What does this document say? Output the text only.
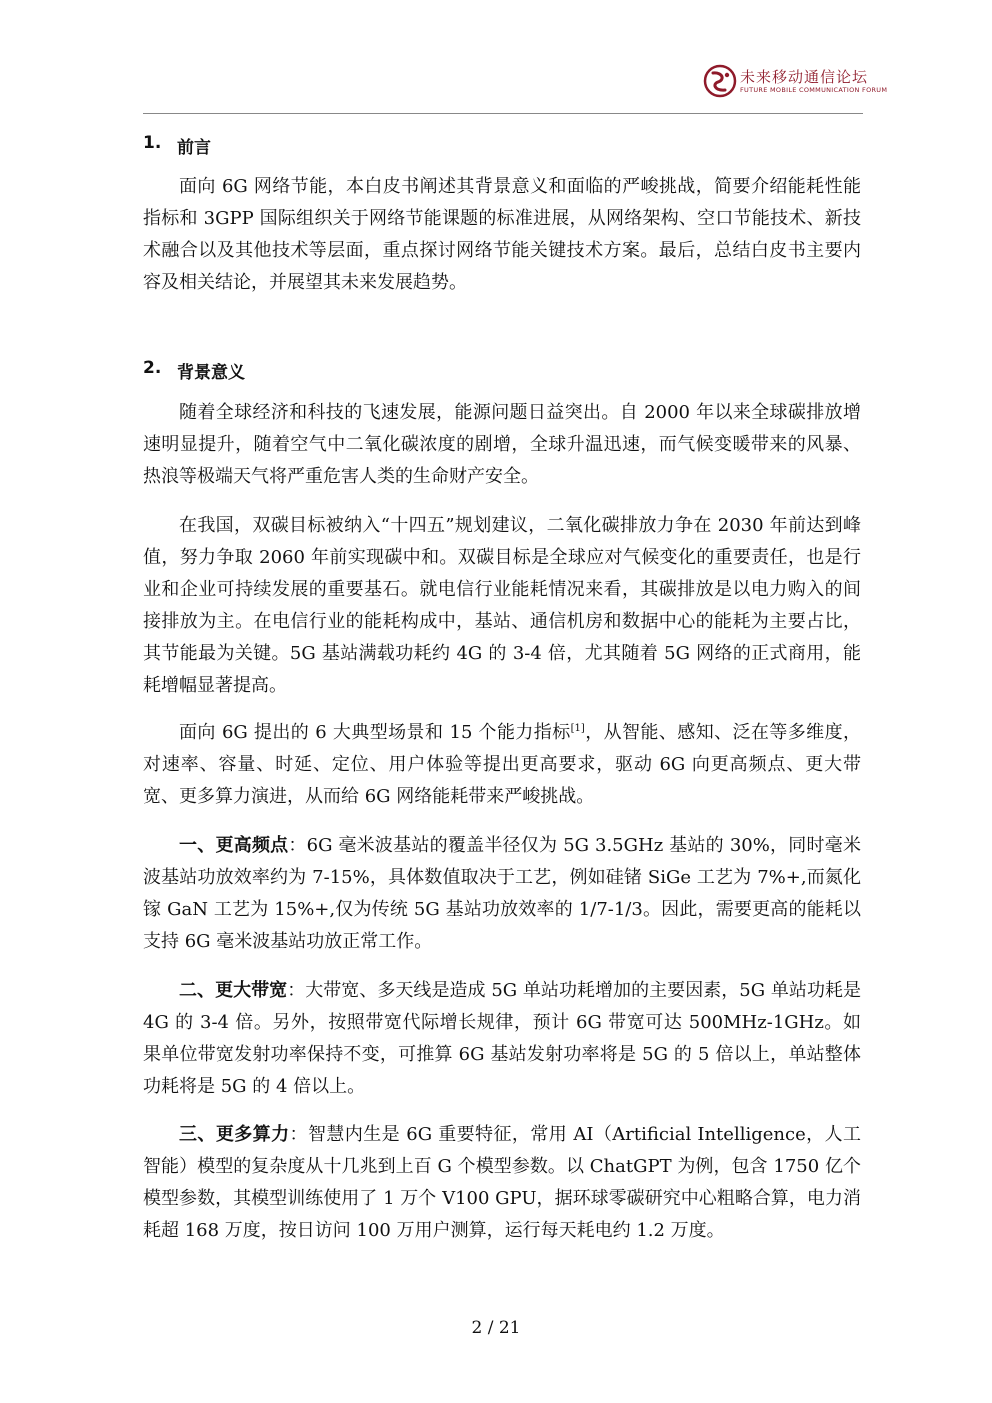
未来移动通信论坛
FUTURE MOBILE COMMUNICATION FORUM
1. 前言

面向 6G 网络节能，本白皮书阐述其背景意义和面临的严峻挑战，简要介绍能耗性能指标和 3GPP 国际组织关于网络节能课题的标准进展，从网络架构、空口节能技术、新技术融合以及其他技术等层面，重点探讨网络节能关键技术方案。最后，总结白皮书主要内容及相关结论，并展望其未来发展趋势。

2. 背景意义

随着全球经济和科技的飞速发展，能源问题日益突出。自 2000 年以来全球碳排放增速明显提升，随着空气中二氧化碳浓度的剧增，全球升温迅速，而气候变暖带来的风暴、热浪等极端天气将严重危害人类的生命财产安全。

在我国，双碳目标被纳入“十四五”规划建议，二氧化碳排放力争在 2030 年前达到峰值，努力争取 2060 年前实现碳中和。双碳目标是全球应对气候变化的重要责任，也是行业和企业可持续发展的重要基石。就电信行业能耗情况来看，其碳排放是以电力购入的间接排放为主。在电信行业的能耗构成中，基站、通信机房和数据中心的能耗为主要占比，其节能最为关键。5G 基站满载功耗约 4G 的 3-4 倍，尤其随着 5G 网络的正式商用，能耗增幅显著提高。

面向 6G 提出的 6 大典型场景和 15 个能力指标[1]，从智能、感知、泛在等多维度，对速率、容量、时延、定位、用户体验等提出更高要求，驱动 6G 向更高频点、更大带宽、更多算力演进，从而给 6G 网络能耗带来严峻挑战。

一、更高频点：6G 毫米波基站的覆盖半径仅为 5G 3.5GHz 基站的 30%，同时毫米波基站功放效率约为 7-15%，具体数值取决于工艺，例如硅锗 SiGe 工艺为 7%+,而氮化镓 GaN 工艺为 15%+,仅为传统 5G 基站功放效率的 1/7-1/3。因此，需要更高的能耗以支持 6G 毫米波基站功放正常工作。

二、更大带宽：大带宽、多天线是造成 5G 单站功耗增加的主要因素，5G 单站功耗是 4G 的 3-4 倍。另外，按照带宽代际增长规律，预计 6G 带宽可达 500MHz-1GHz。如果单位带宽发射功率保持不变，可推算 6G 基站发射功率将是 5G 的 5 倍以上，单站整体功耗将是 5G 的 4 倍以上。

三、更多算力：智慧内生是 6G 重要特征，常用 AI（Artificial Intelligence，人工智能）模型的复杂度从十几兆到上百 G 个模型参数。以 ChatGPT 为例，包含 1750 亿个模型参数，其模型训练使用了 1 万个 V100 GPU，据环球零碳研究中心粗略合算，电力消耗超 168 万度，按日访问 100 万用户测算，运行每天耗电约 1.2 万度。

2 / 21
